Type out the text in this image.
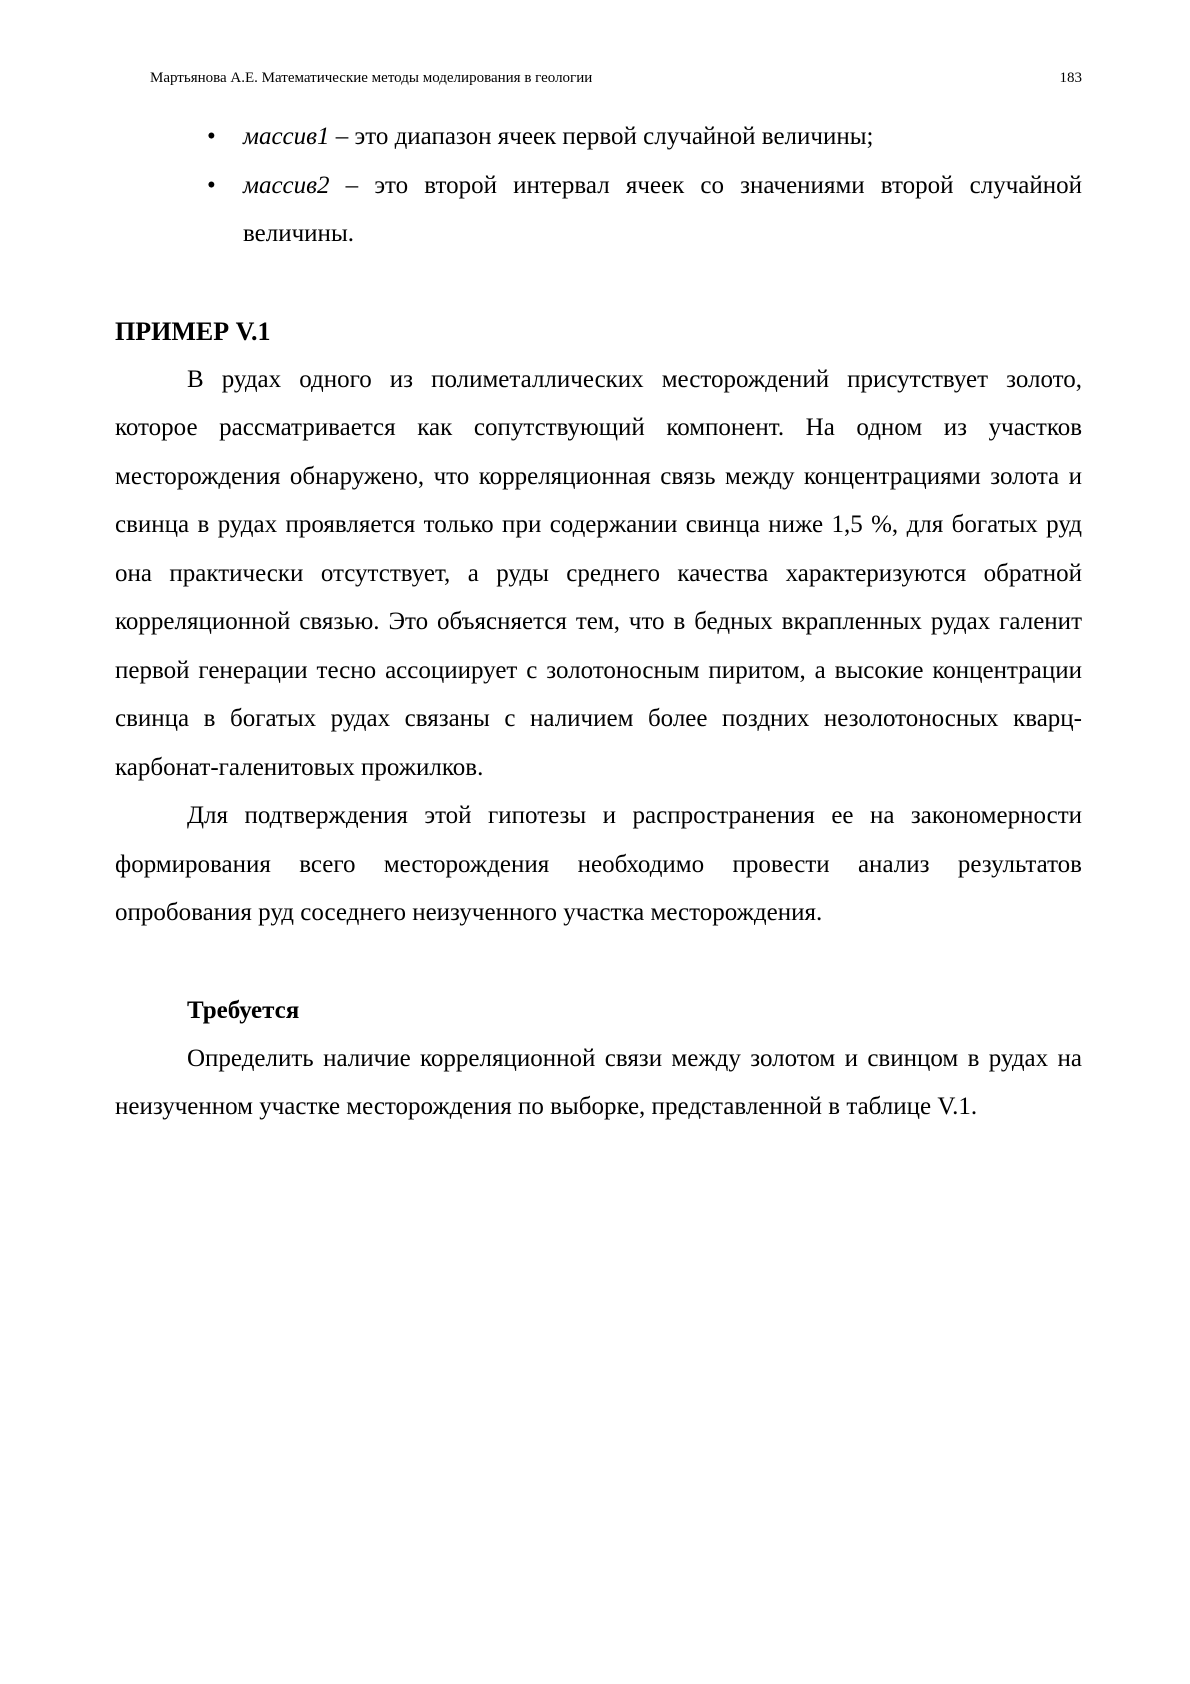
Мартьянова А.Е. Математические методы моделирования в геологии	183
• массив1 – это диапазон ячеек первой случайной величины;
• массив2 – это второй интервал ячеек со значениями второй случайной величины.
ПРИМЕР V.1

В рудах одного из полиметаллических месторождений присутствует золото, которое рассматривается как сопутствующий компонент. На одном из участков месторождения обнаружено, что корреляционная связь между концентрациями золота и свинца в рудах проявляется только при содержании свинца ниже 1,5 %, для богатых руд она практически отсутствует, а руды среднего качества характеризуются обратной корреляционной связью. Это объясняется тем, что в бедных вкрапленных рудах галенит первой генерации тесно ассоциирует с золотоносным пиритом, а высокие концентрации свинца в богатых рудах связаны с наличием более поздних незолотоносных кварц-карбонат-галенитовых прожилков.

Для подтверждения этой гипотезы и распространения ее на закономерности формирования всего месторождения необходимо провести анализ результатов опробования руд соседнего неизученного участка месторождения.

Требуется

Определить наличие корреляционной связи между золотом и свинцом в рудах на неизученном участке месторождения по выборке, представленной в таблице V.1.
